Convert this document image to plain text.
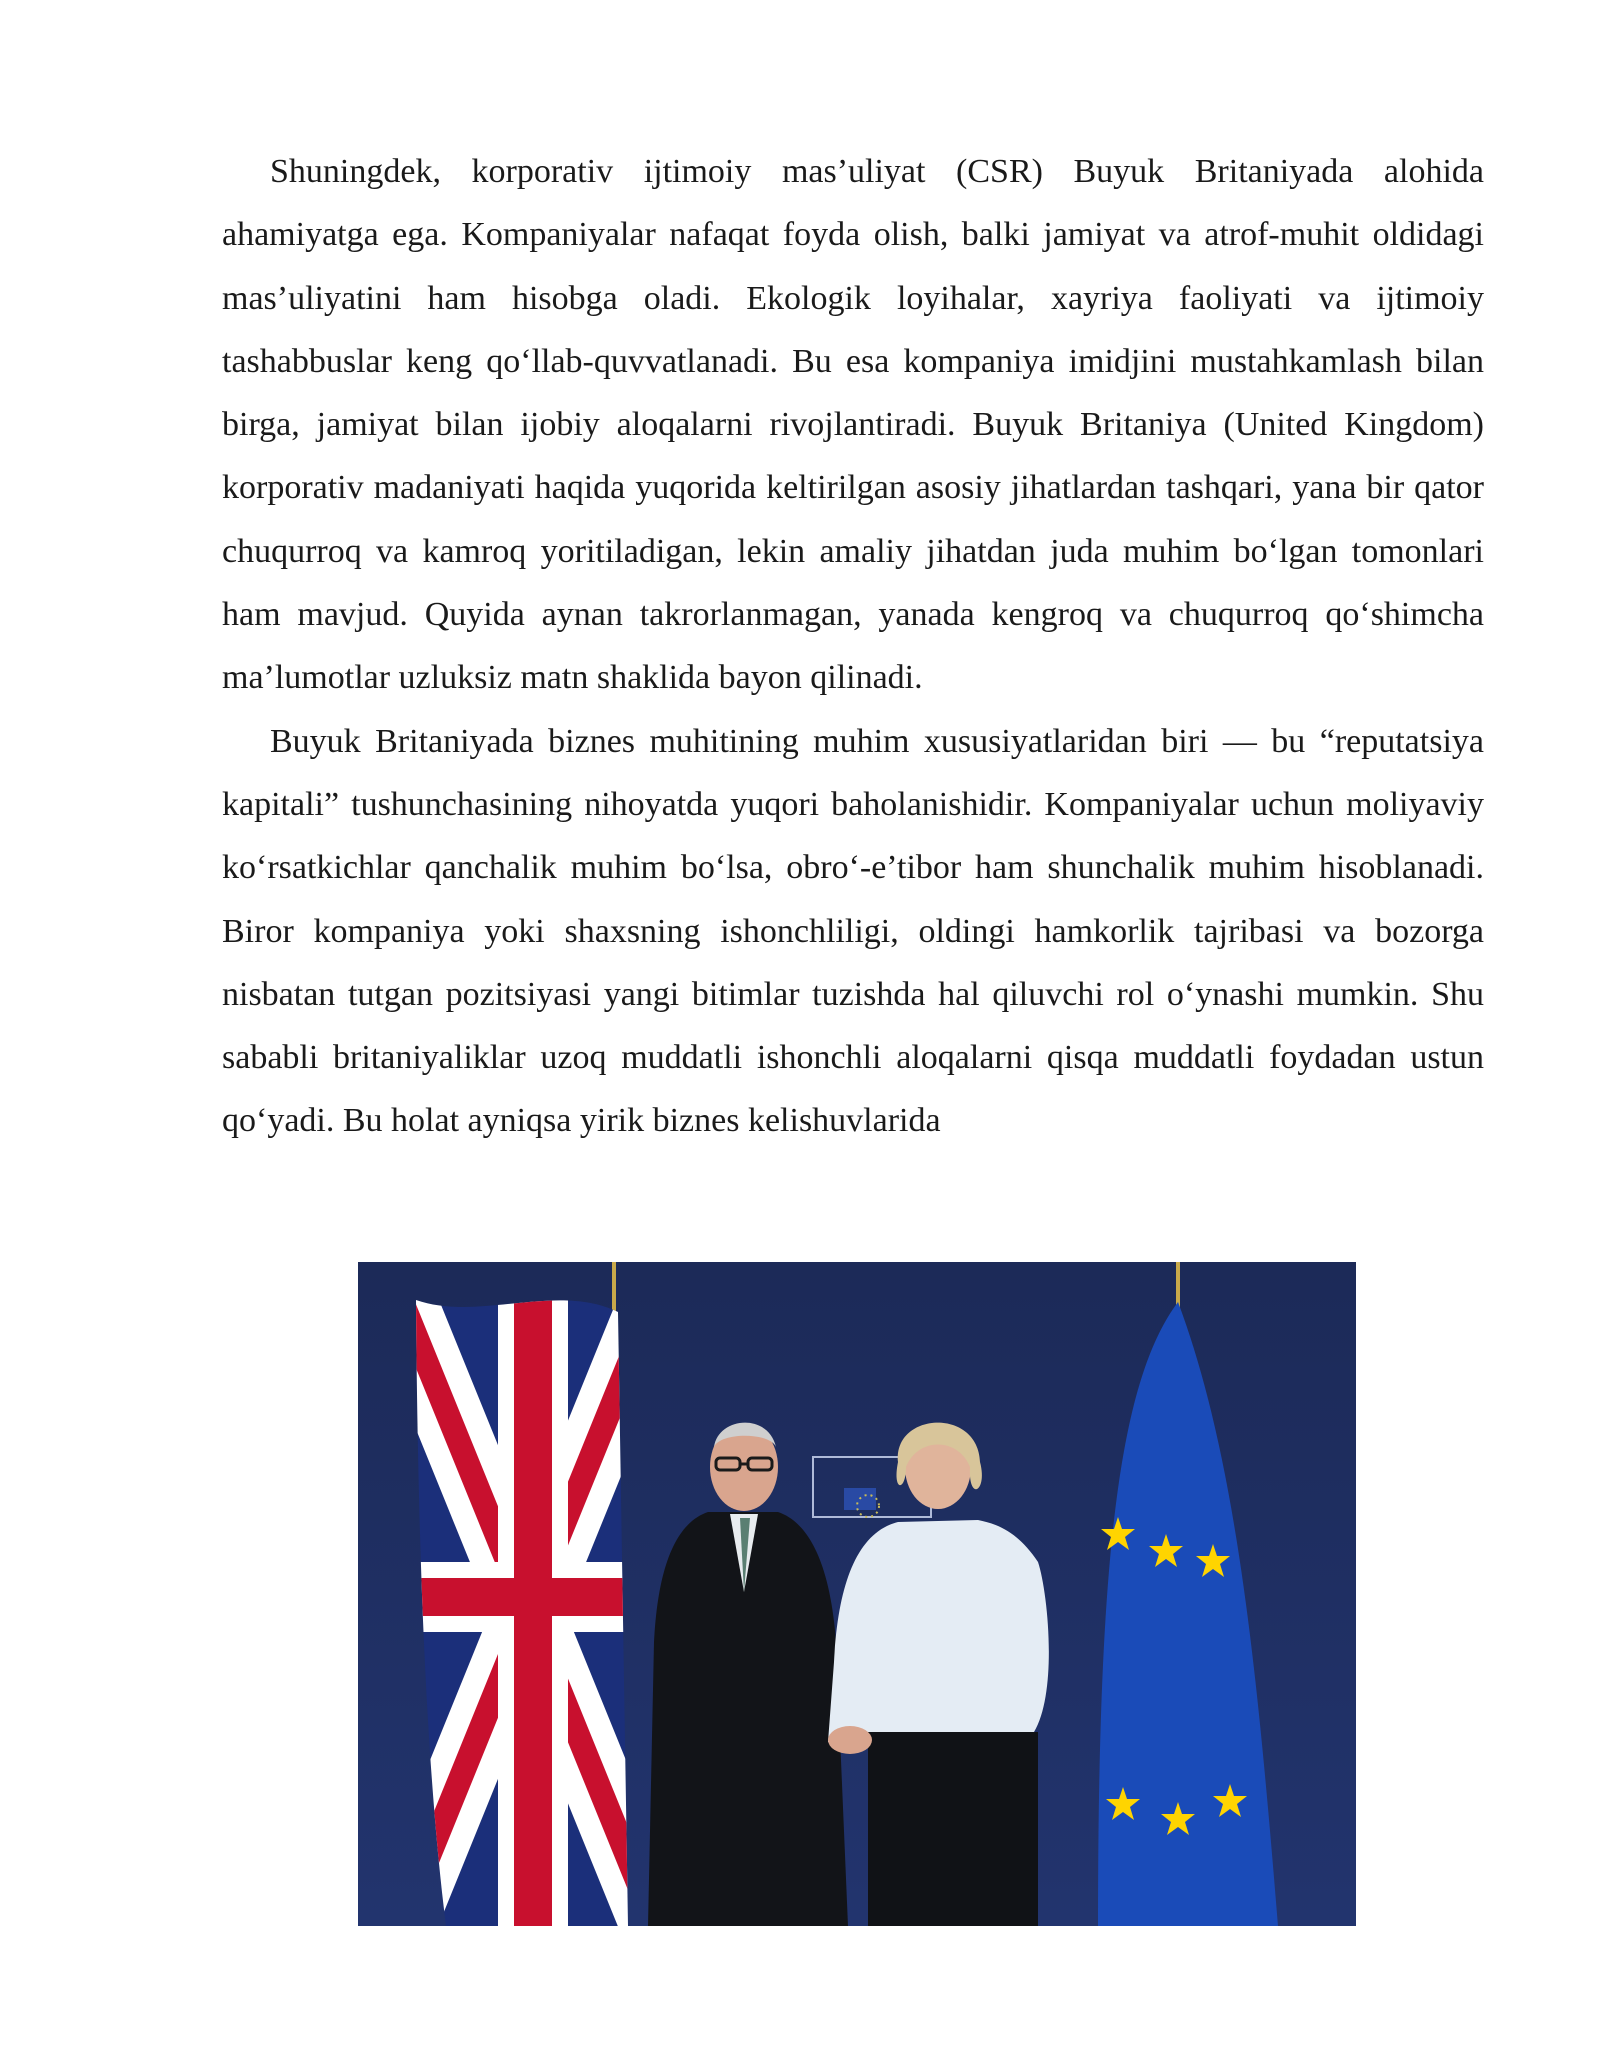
Shuningdek, korporativ ijtimoiy mas’uliyat (CSR) Buyuk Britaniyada alohida ahamiyatga ega. Kompaniyalar nafaqat foyda olish, balki jamiyat va atrof-muhit oldidagi mas’uliyatini ham hisobga oladi. Ekologik loyihalar, xayriya faoliyati va ijtimoiy tashabbuslar keng qo‘llab-quvvatlanadi. Bu esa kompaniya imidjini mustahkamlash bilan birga, jamiyat bilan ijobiy aloqalarni rivojlantiradi. Buyuk Britaniya (United Kingdom) korporativ madaniyati haqida yuqorida keltirilgan asosiy jihatlardan tashqari, yana bir qator chuqurroq va kamroq yoritiladigan, lekin amaliy jihatdan juda muhim bo‘lgan tomonlari ham mavjud. Quyida aynan takrorlanmagan, yanada kengroq va chuqurroq qo‘shimcha ma’lumotlar uzluksiz matn shaklida bayon qilinadi.

Buyuk Britaniyada biznes muhitining muhim xususiyatlaridan biri — bu “reputatsiya kapitali” tushunchasining nihoyatda yuqori baholanishidir. Kompaniyalar uchun moliyaviy ko‘rsatkichlar qanchalik muhim bo‘lsa, obro‘-e’tibor ham shunchalik muhim hisoblanadi. Biror kompaniya yoki shaxsning ishonchliligi, oldingi hamkorlik tajribasi va bozorga nisbatan tutgan pozitsiyasi yangi bitimlar tuzishda hal qiluvchi rol o‘ynashi mumkin. Shu sababli britaniyaliklar uzoq muddatli ishonchli aloqalarni qisqa muddatli foydadan ustun qo‘yadi. Bu holat ayniqsa yirik biznes kelishuvlarida
